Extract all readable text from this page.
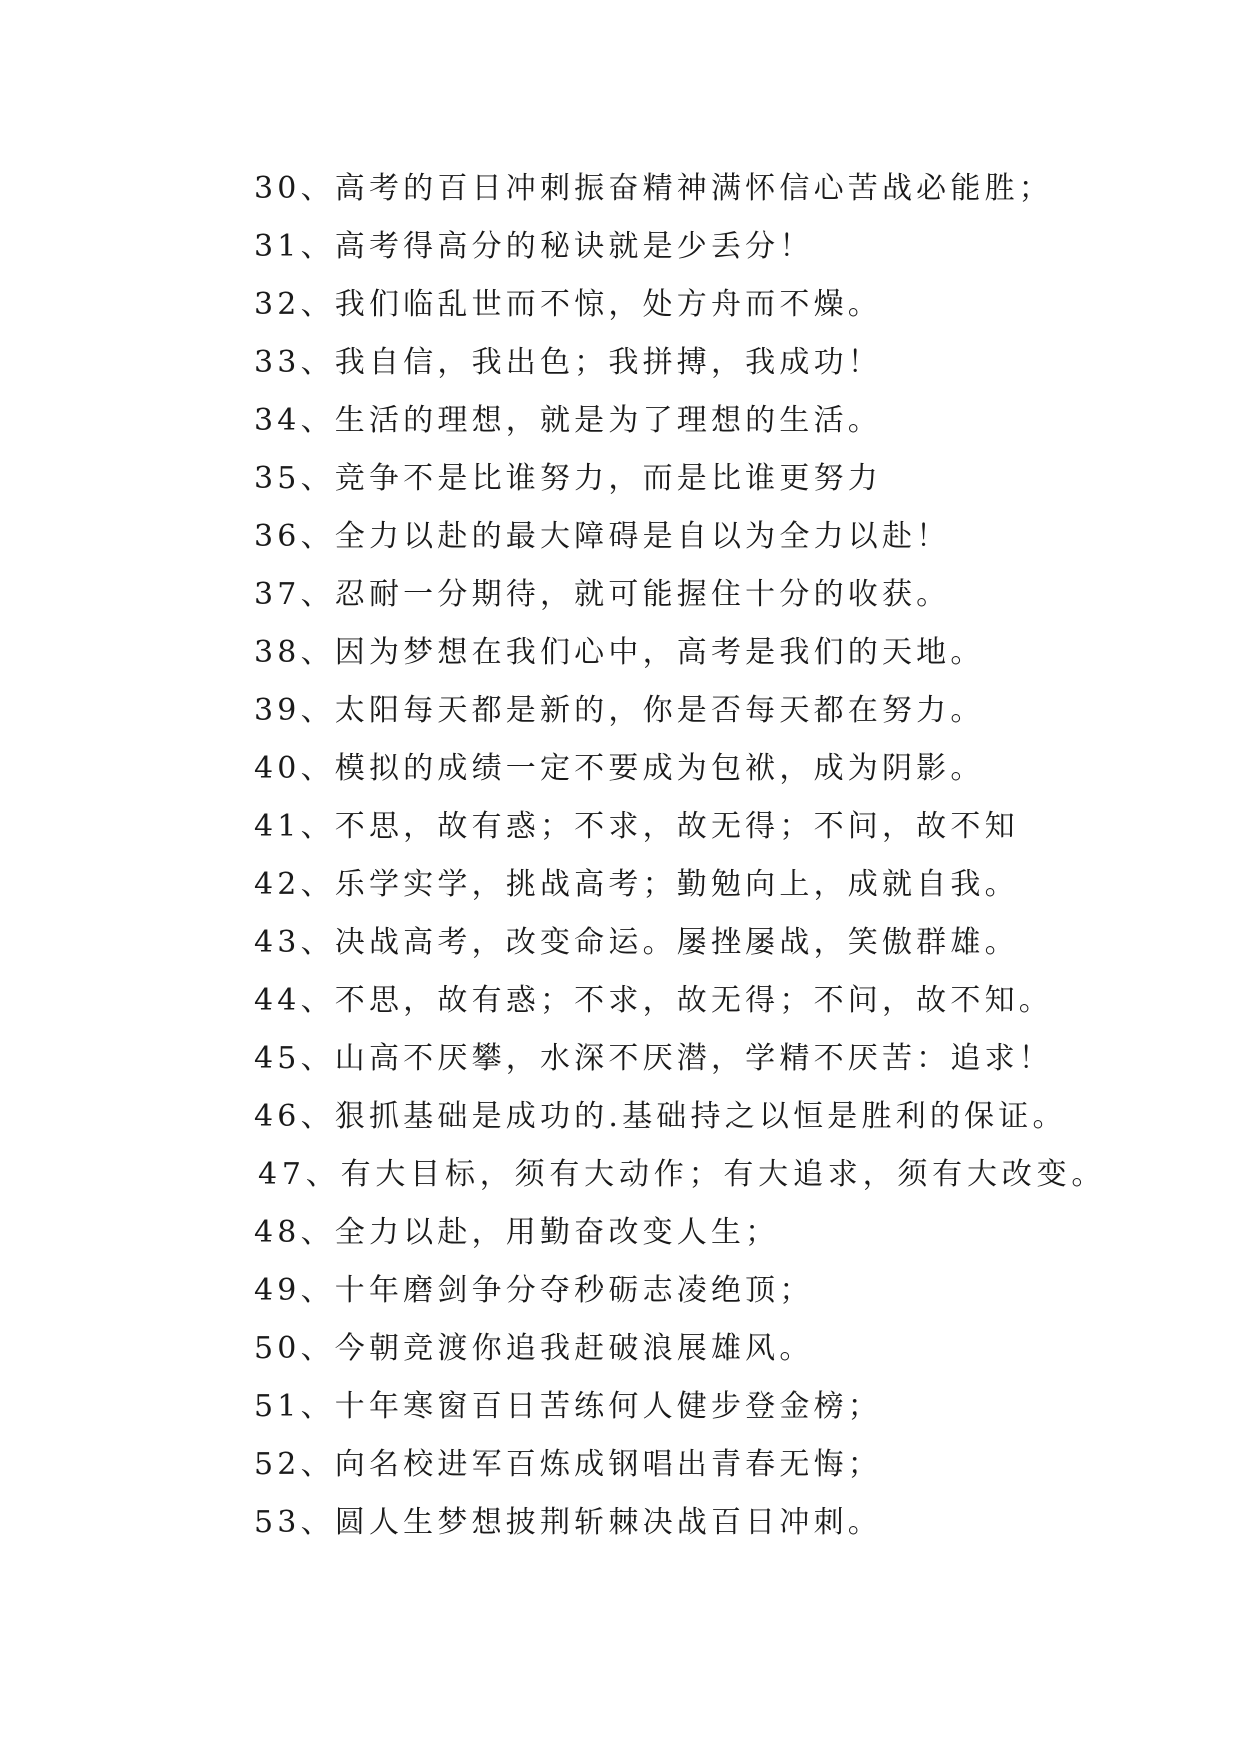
30、高考的百日冲刺振奋精神满怀信心苦战必能胜；
31、高考得高分的秘诀就是少丢分！
32、我们临乱世而不惊，处方舟而不燥。
33、我自信，我出色；我拼搏，我成功！
34、生活的理想，就是为了理想的生活。
35、竞争不是比谁努力，而是比谁更努力
36、全力以赴的最大障碍是自以为全力以赴！
37、忍耐一分期待，就可能握住十分的收获。
38、因为梦想在我们心中，高考是我们的天地。
39、太阳每天都是新的，你是否每天都在努力。
40、模拟的成绩一定不要成为包袱，成为阴影。
41、不思，故有惑；不求，故无得；不问，故不知
42、乐学实学，挑战高考；勤勉向上，成就自我。
43、决战高考，改变命运。屡挫屡战，笑傲群雄。
44、不思，故有惑；不求，故无得；不问，故不知。
45、山高不厌攀，水深不厌潜，学精不厌苦：追求！
46、狠抓基础是成功的.基础持之以恒是胜利的保证。
47、有大目标，须有大动作；有大追求，须有大改变。
48、全力以赴，用勤奋改变人生；
49、十年磨剑争分夺秒砺志凌绝顶；
50、今朝竞渡你追我赶破浪展雄风。
51、十年寒窗百日苦练何人健步登金榜；
52、向名校进军百炼成钢唱出青春无悔；
53、圆人生梦想披荆斩棘决战百日冲刺。
